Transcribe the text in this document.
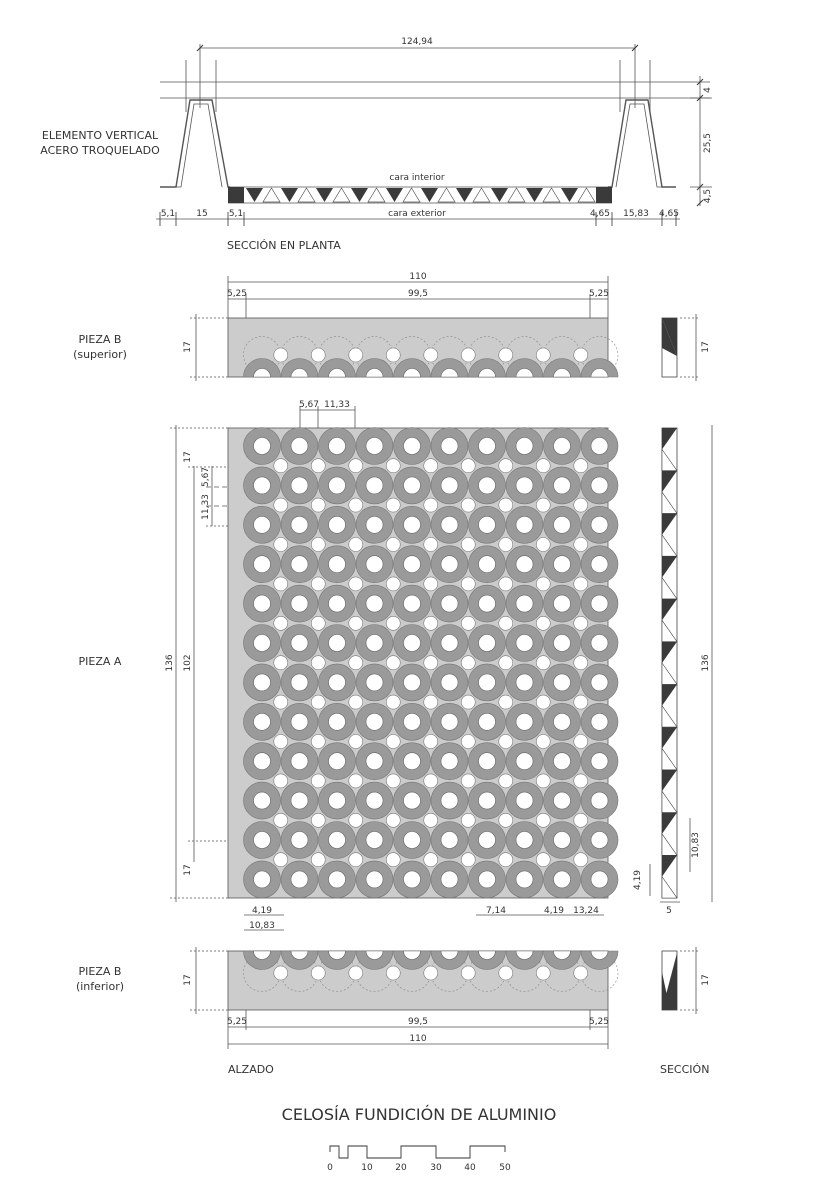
124,94
cara interior
cara exterior
5,1 15 5,1	4,65 15,83 4,65
4
25,5
4,5
SECCIÓN EN PLANTA
110
99,5
5,25	5,25
17	17
5,67 11,33
17
5,67
11,33
136 102
17
4,19
10,83
7,14	4,19 13,24
136
10,83
4,19
5
17	17
5,25	99,5	5,25
110
ALZADO	SECCIÓN
CELOSÍA FUNDICIÓN DE ALUMINIO
0	10	20	30	40	50
ELEMENTO VERTICAL
ACERO TROQUELADO
PIEZA B
(superior)
PIEZA A
PIEZA B
(inferior)
